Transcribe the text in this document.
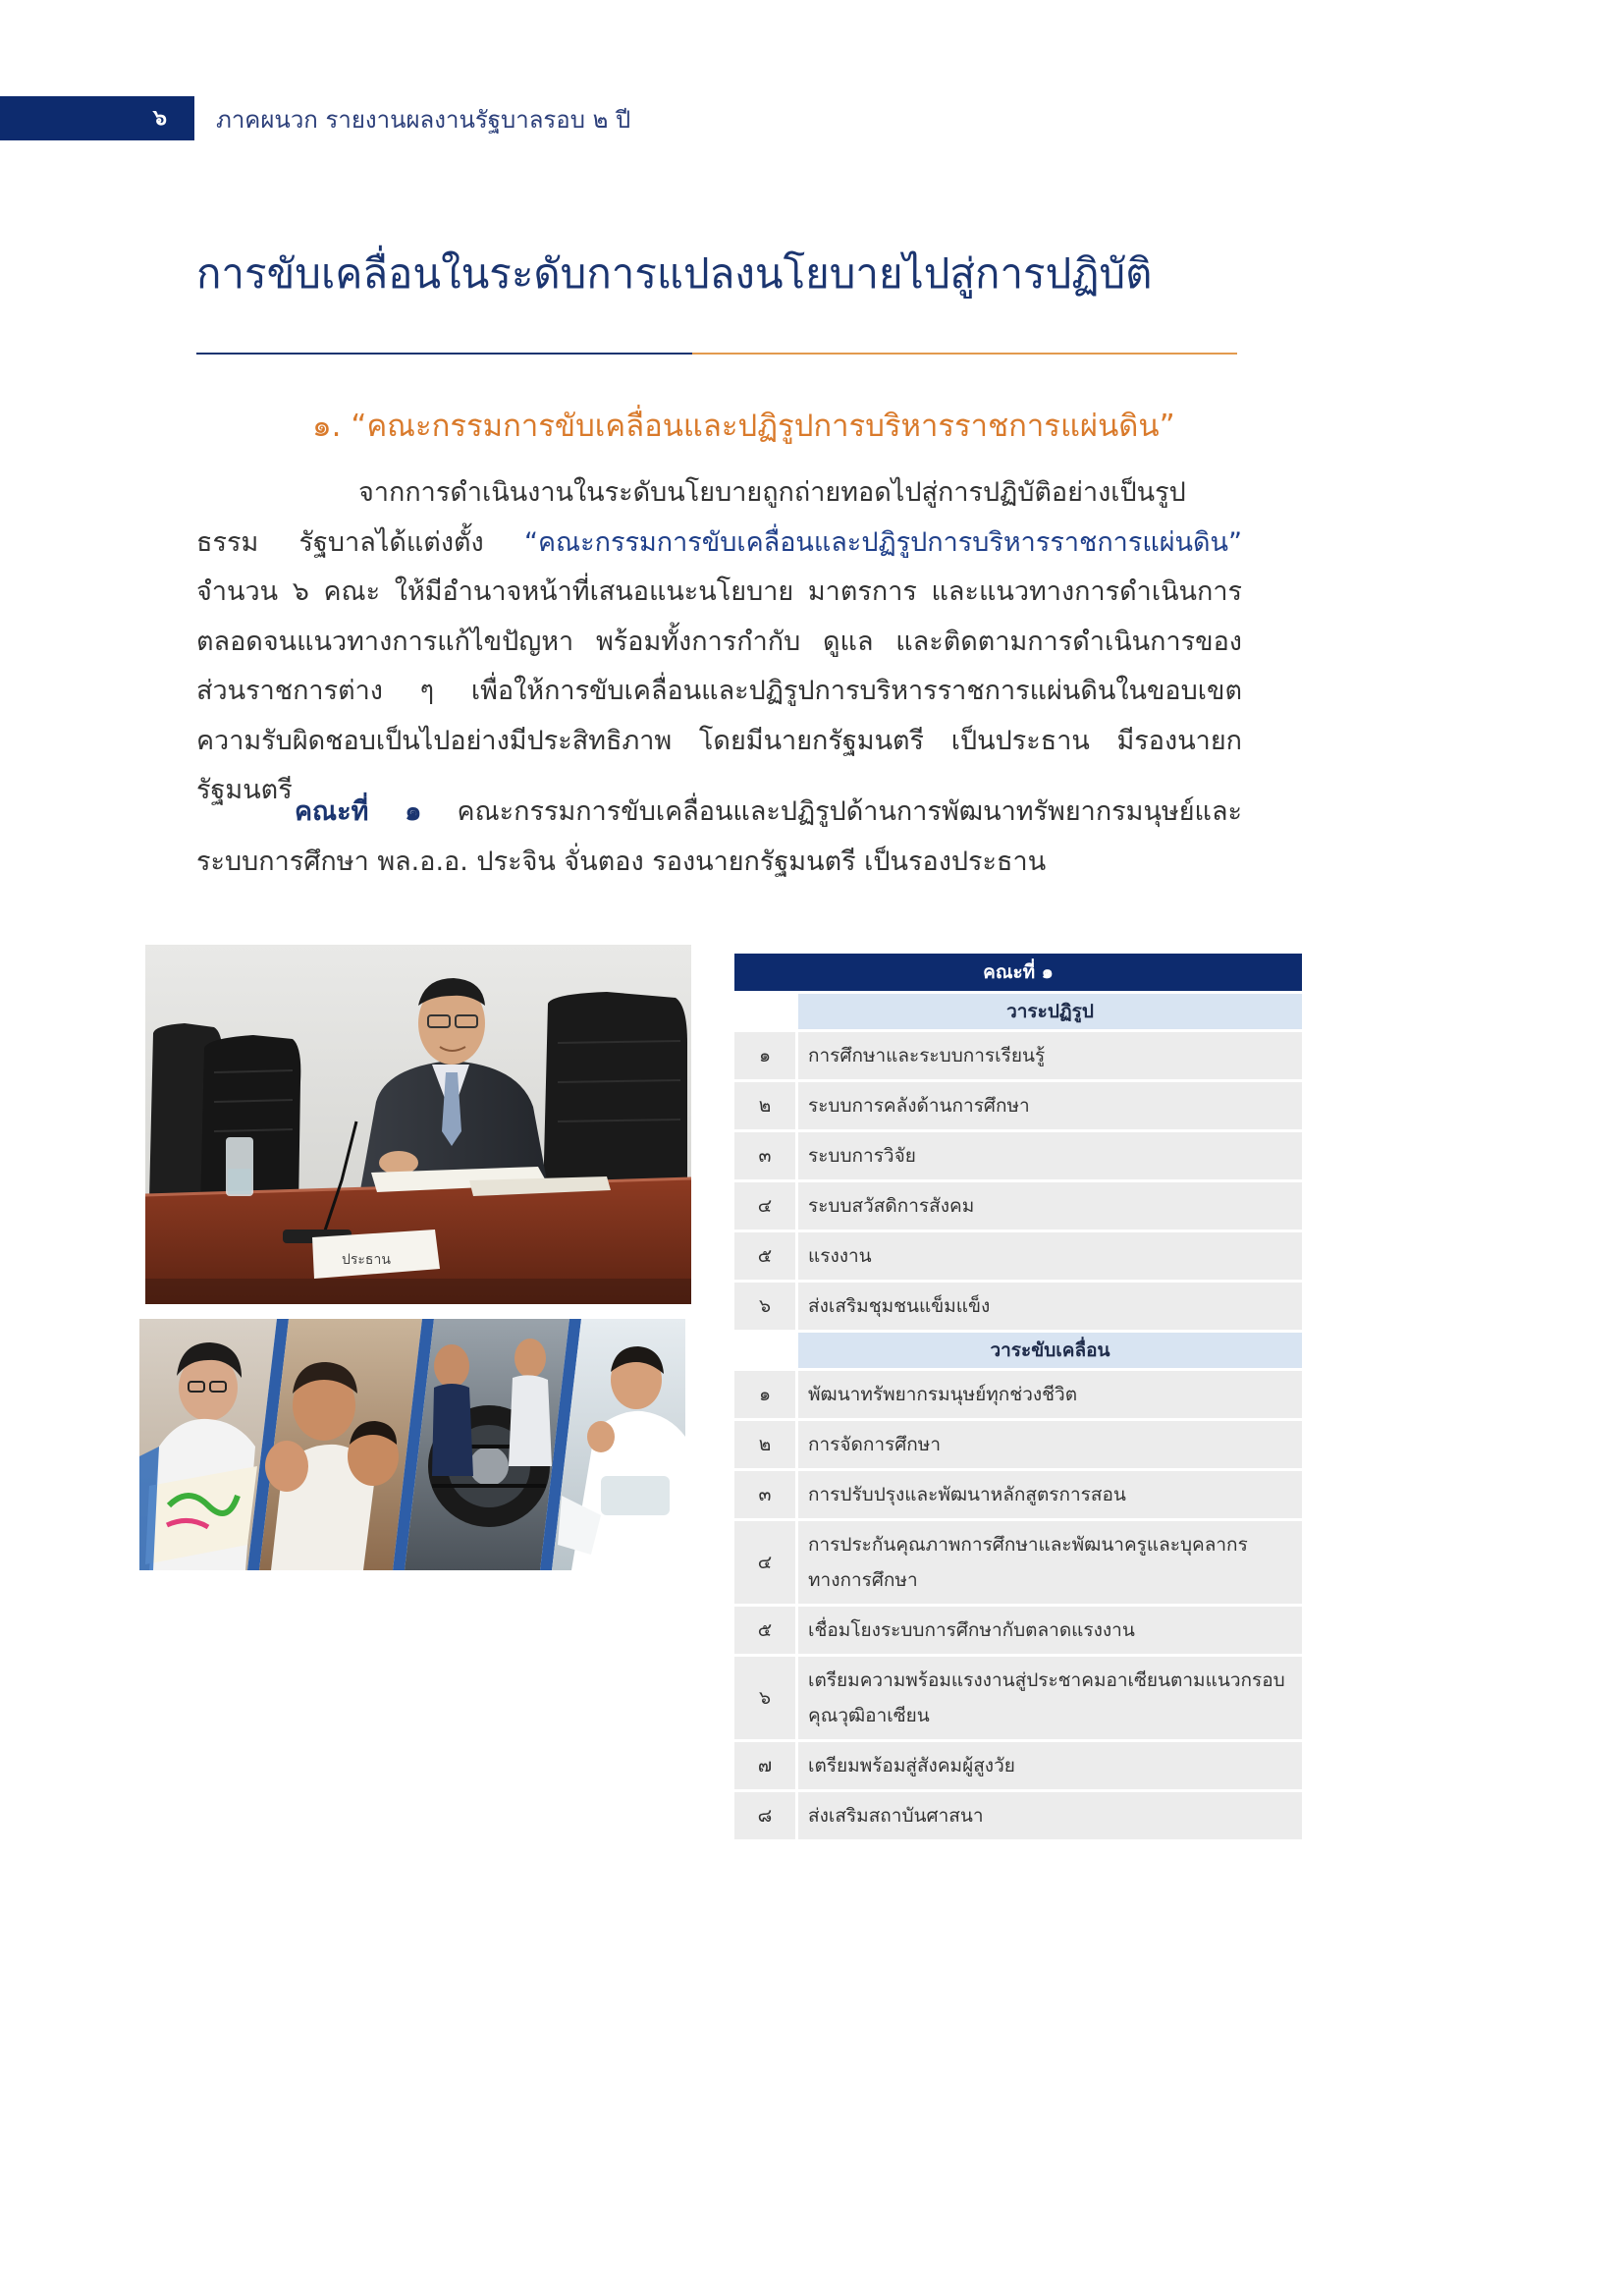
๖	ภาคผนวก รายงานผลงานรัฐบาลรอบ ๒ ปี
การขับเคลื่อนในระดับการแปลงนโยบายไปสู่การปฏิบัติ
๑. “คณะกรรมการขับเคลื่อนและปฏิรูปการบริหารราชการแผ่นดิน”

จากการดำเนินงานในระดับนโยบายถูกถ่ายทอดไปสู่การปฏิบัติอย่างเป็นรูปธรรม รัฐบาลได้แต่งตั้ง “คณะกรรมการขับเคลื่อนและปฏิรูปการบริหารราชการแผ่นดิน” จำนวน ๖ คณะ ให้มีอำนาจหน้าที่เสนอแนะนโยบาย มาตรการ และแนวทางการดำเนินการ ตลอดจนแนวทางการแก้ไขปัญหา พร้อมทั้งการกำกับ ดูแล และติดตามการดำเนินการของส่วนราชการต่าง ๆ เพื่อให้การขับเคลื่อนและปฏิรูปการบริหารราชการแผ่นดินในขอบเขตความรับผิดชอบเป็นไปอย่างมีประสิทธิภาพ โดยมีนายกรัฐมนตรี เป็นประธาน มีรองนายกรัฐมนตรี

คณะที่ ๑ คณะกรรมการขับเคลื่อนและปฏิรูปด้านการพัฒนาทรัพยากรมนุษย์และระบบการศึกษา พล.อ.อ. ประจิน จั่นตอง รองนายกรัฐมนตรี เป็นรองประธาน

ประธาน
คณะที่ ๑	
	วาระปฏิรูป
๑	การศึกษาและระบบการเรียนรู้
๒	ระบบการคลังด้านการศึกษา
๓	ระบบการวิจัย
๔	ระบบสวัสดิการสังคม
๕	แรงงาน
๖	ส่งเสริมชุมชนแข็มแข็ง
	วาระขับเคลื่อน
๑	พัฒนาทรัพยากรมนุษย์ทุกช่วงชีวิต
๒	การจัดการศึกษา
๓	การปรับปรุงและพัฒนาหลักสูตรการสอน
๔	การประกันคุณภาพการศึกษาและพัฒนาครูและบุคลากรทางการศึกษา
๕	เชื่อมโยงระบบการศึกษากับตลาดแรงงาน
๖	เตรียมความพร้อมแรงงานสู่ประชาคมอาเซียนตามแนวกรอบคุณวุฒิอาเซียน
๗	เตรียมพร้อมสู่สังคมผู้สูงวัย
๘	ส่งเสริมสถาบันศาสนา
